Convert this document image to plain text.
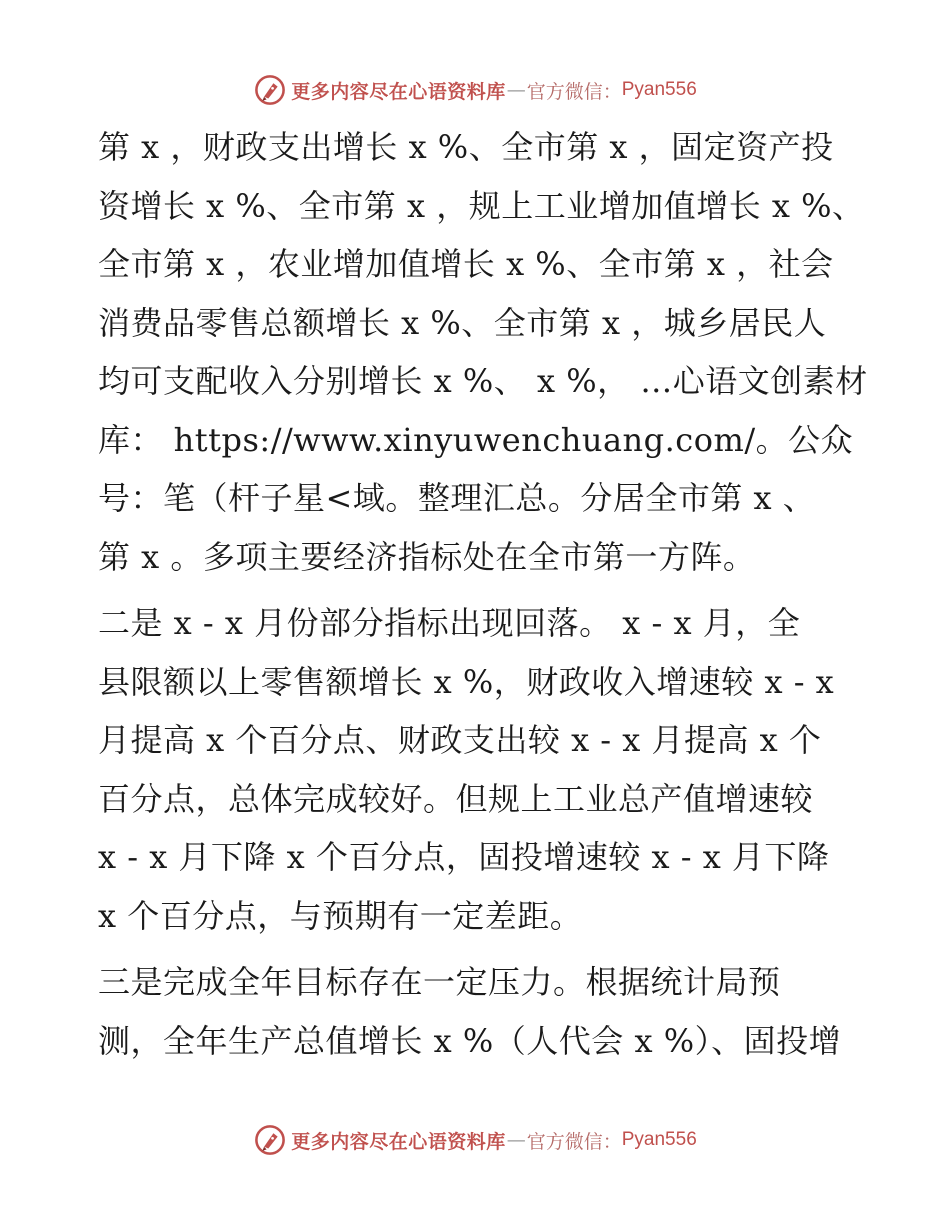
更多内容尽在心语资料库 — 官方微信： Pyan556
第 x ，财政支出增长 x %、全市第 x ，固定资产投
资增长 x %、全市第 x ，规上工业增加值增长 x %、
全市第 x ，农业增加值增长 x %、全市第 x ，社会
消费品零售总额增长 x %、全市第 x ，城乡居民人
均可支配收入分别增长 x %、 x %， …心语文创素材
库： https://www.xinyuwenchuang.com/。公众
号：笔（杆子星<域。整理汇总。分居全市第 x 、
第 x 。多项主要经济指标处在全市第一方阵。
二是 x - x 月份部分指标出现回落。 x - x 月，全
县限额以上零售额增长 x %，财政收入增速较 x - x
月提高 x 个百分点、财政支出较 x - x 月提高 x 个
百分点，总体完成较好。但规上工业总产值增速较
x - x 月下降 x 个百分点，固投增速较 x - x 月下降
x 个百分点，与预期有一定差距。
三是完成全年目标存在一定压力。根据统计局预
测，全年生产总值增长 x %（人代会 x %）、固投增
更多内容尽在心语资料库 — 官方微信： Pyan556
